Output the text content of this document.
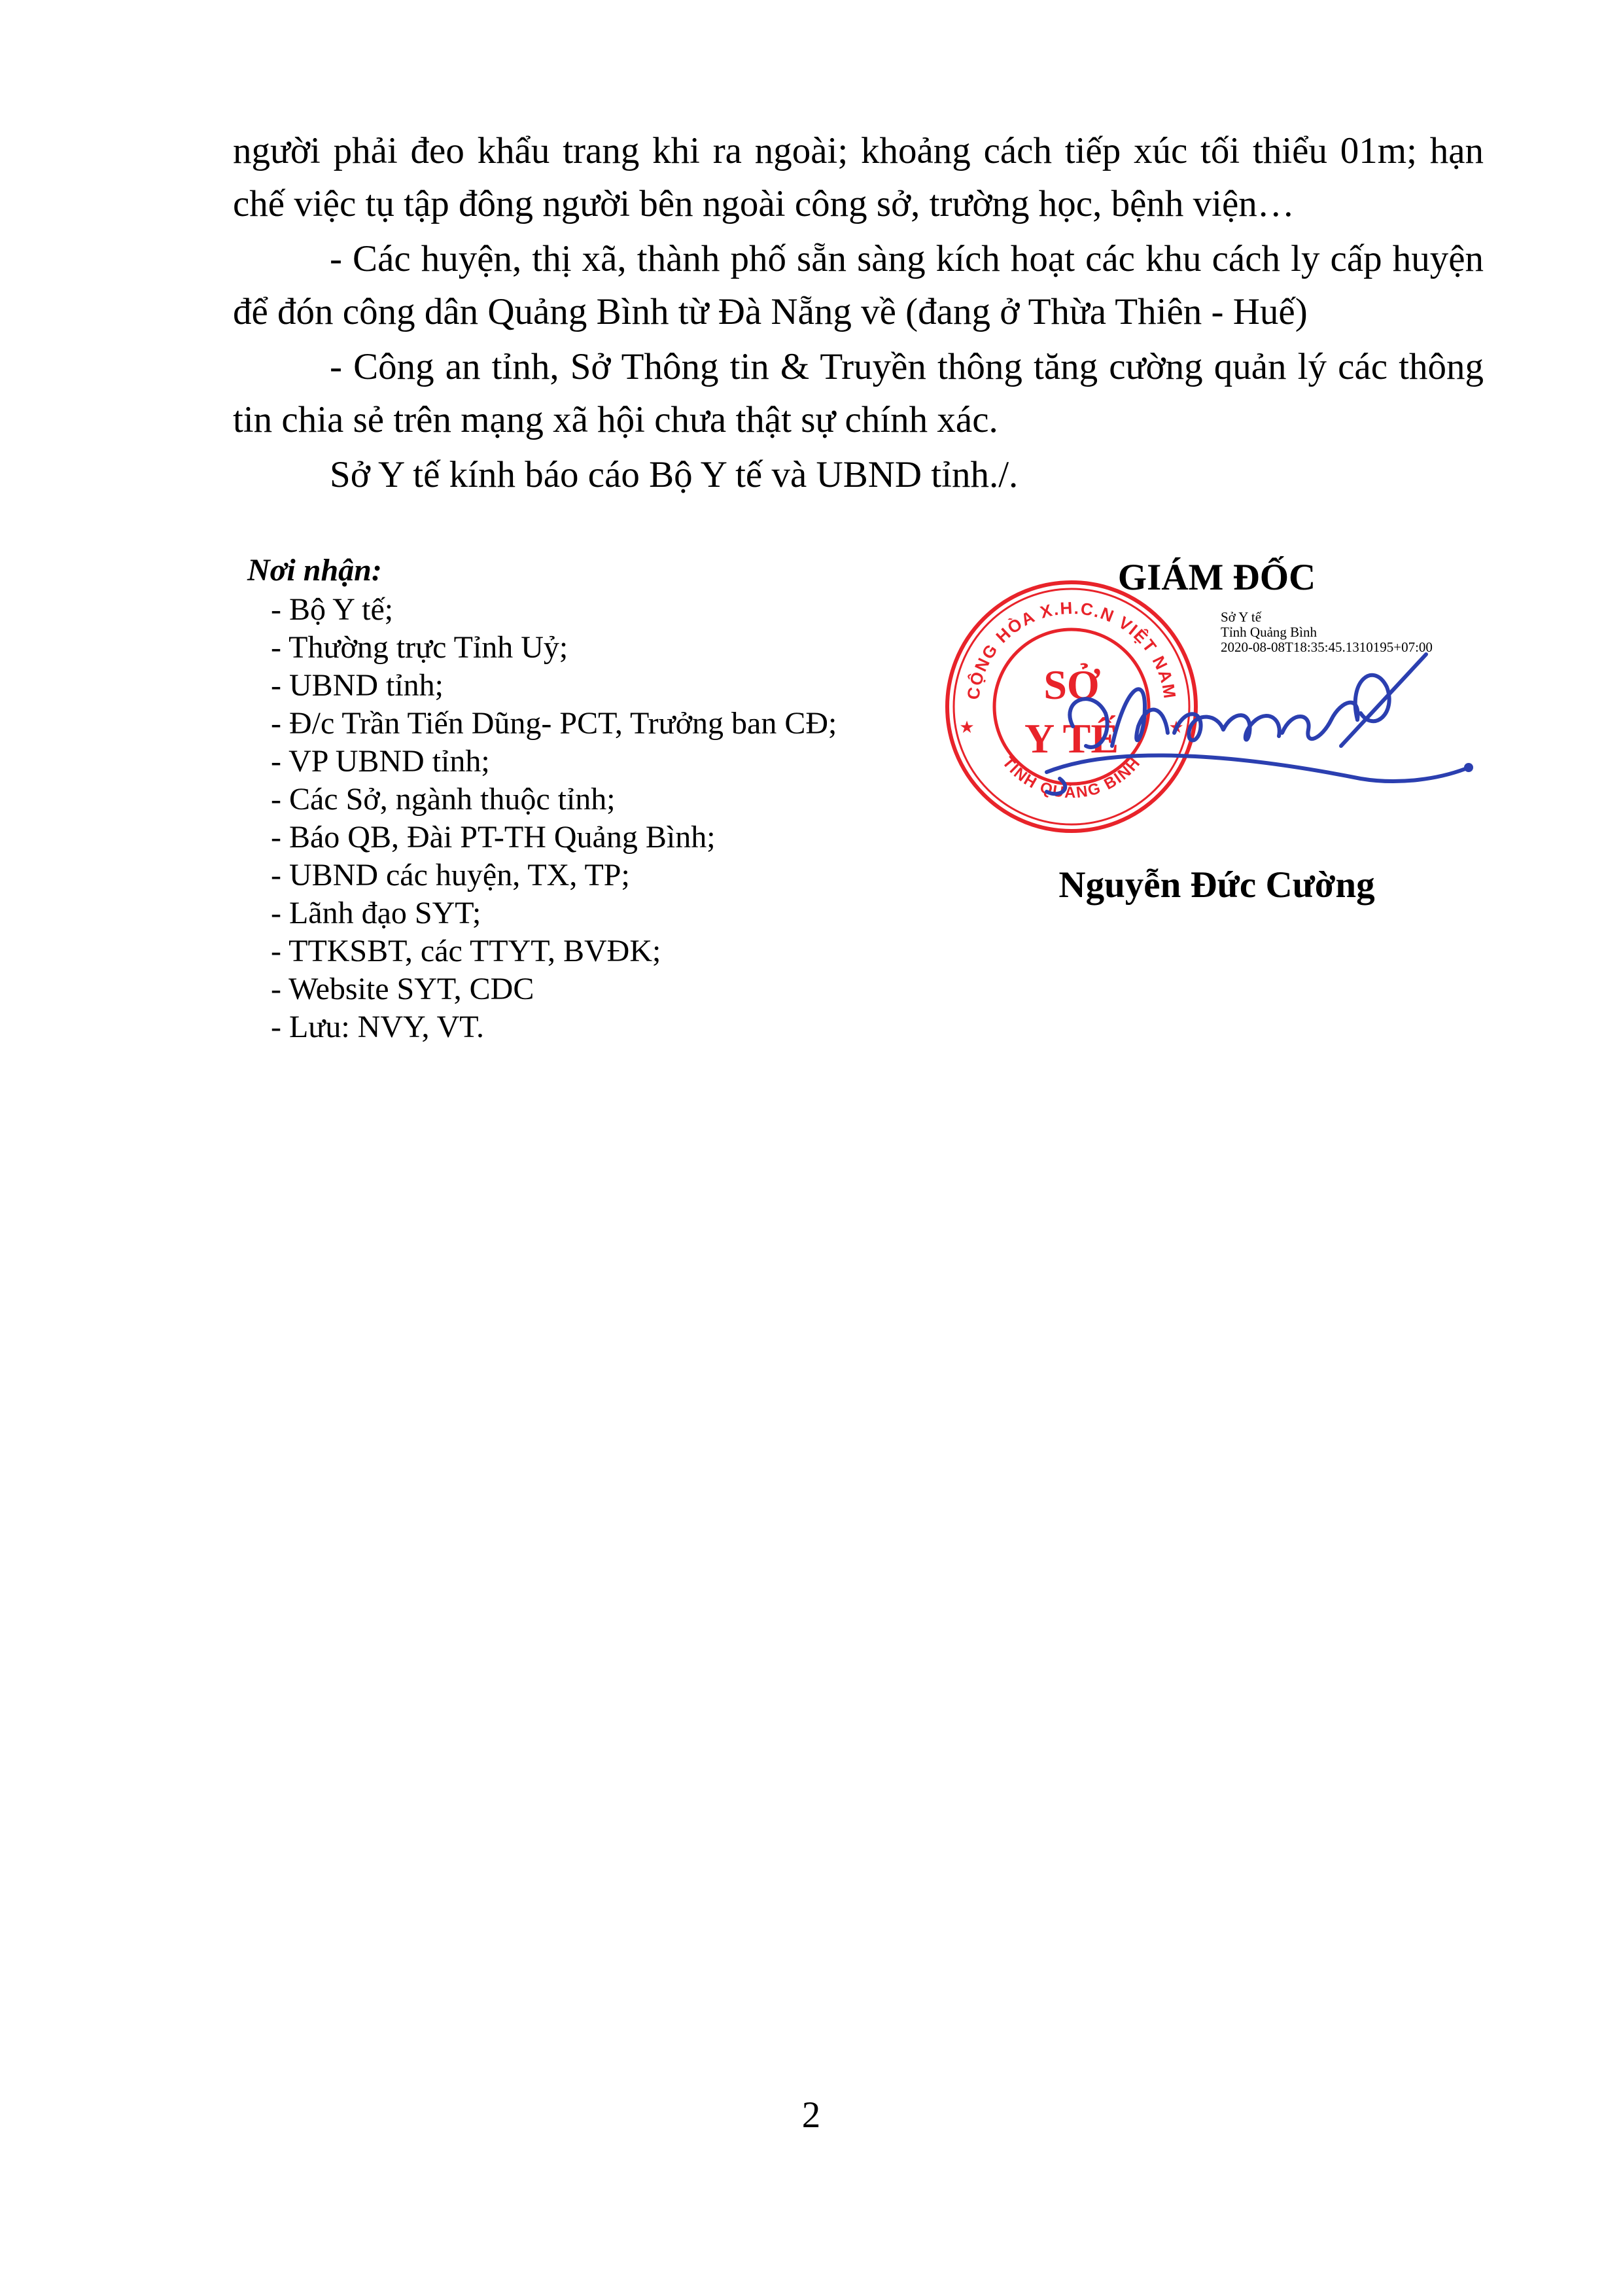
người phải đeo khẩu trang khi ra ngoài; khoảng cách tiếp xúc tối thiểu 01m; hạn chế việc tụ tập đông người bên ngoài công sở, trường học, bệnh viện…

- Các huyện, thị xã, thành phố sẵn sàng kích hoạt các khu cách ly cấp huyện để đón công dân Quảng Bình từ Đà Nẵng về (đang ở Thừa Thiên - Huế)

- Công an tỉnh, Sở Thông tin & Truyền thông tăng cường quản lý các thông tin chia sẻ trên mạng xã hội chưa thật sự chính xác.

Sở Y tế kính báo cáo Bộ Y tế và UBND tỉnh./.

Nơi nhận:
- Bộ Y tế;
- Thường trực Tỉnh Uỷ;
- UBND tỉnh;
- Đ/c Trần Tiến Dũng- PCT, Trưởng ban CĐ;
- VP UBND tỉnh;
- Các Sở, ngành thuộc tỉnh;
- Báo QB, Đài PT-TH Quảng Bình;
- UBND các huyện, TX, TP;
- Lãnh đạo SYT;
- TTKSBT, các TTYT, BVĐK;
- Website SYT, CDC
- Lưu: NVY, VT.
GIÁM ĐỐC
Sở Y tế
Tỉnh Quảng Bình
2020-08-08T18:35:45.1310195+07:00
CỘNG HÒA X.H.C.N VIỆT NAM
TỈNH QUẢNG BÌNH
★	★
SỞ
Y TẾ
Nguyễn Đức Cường
2
